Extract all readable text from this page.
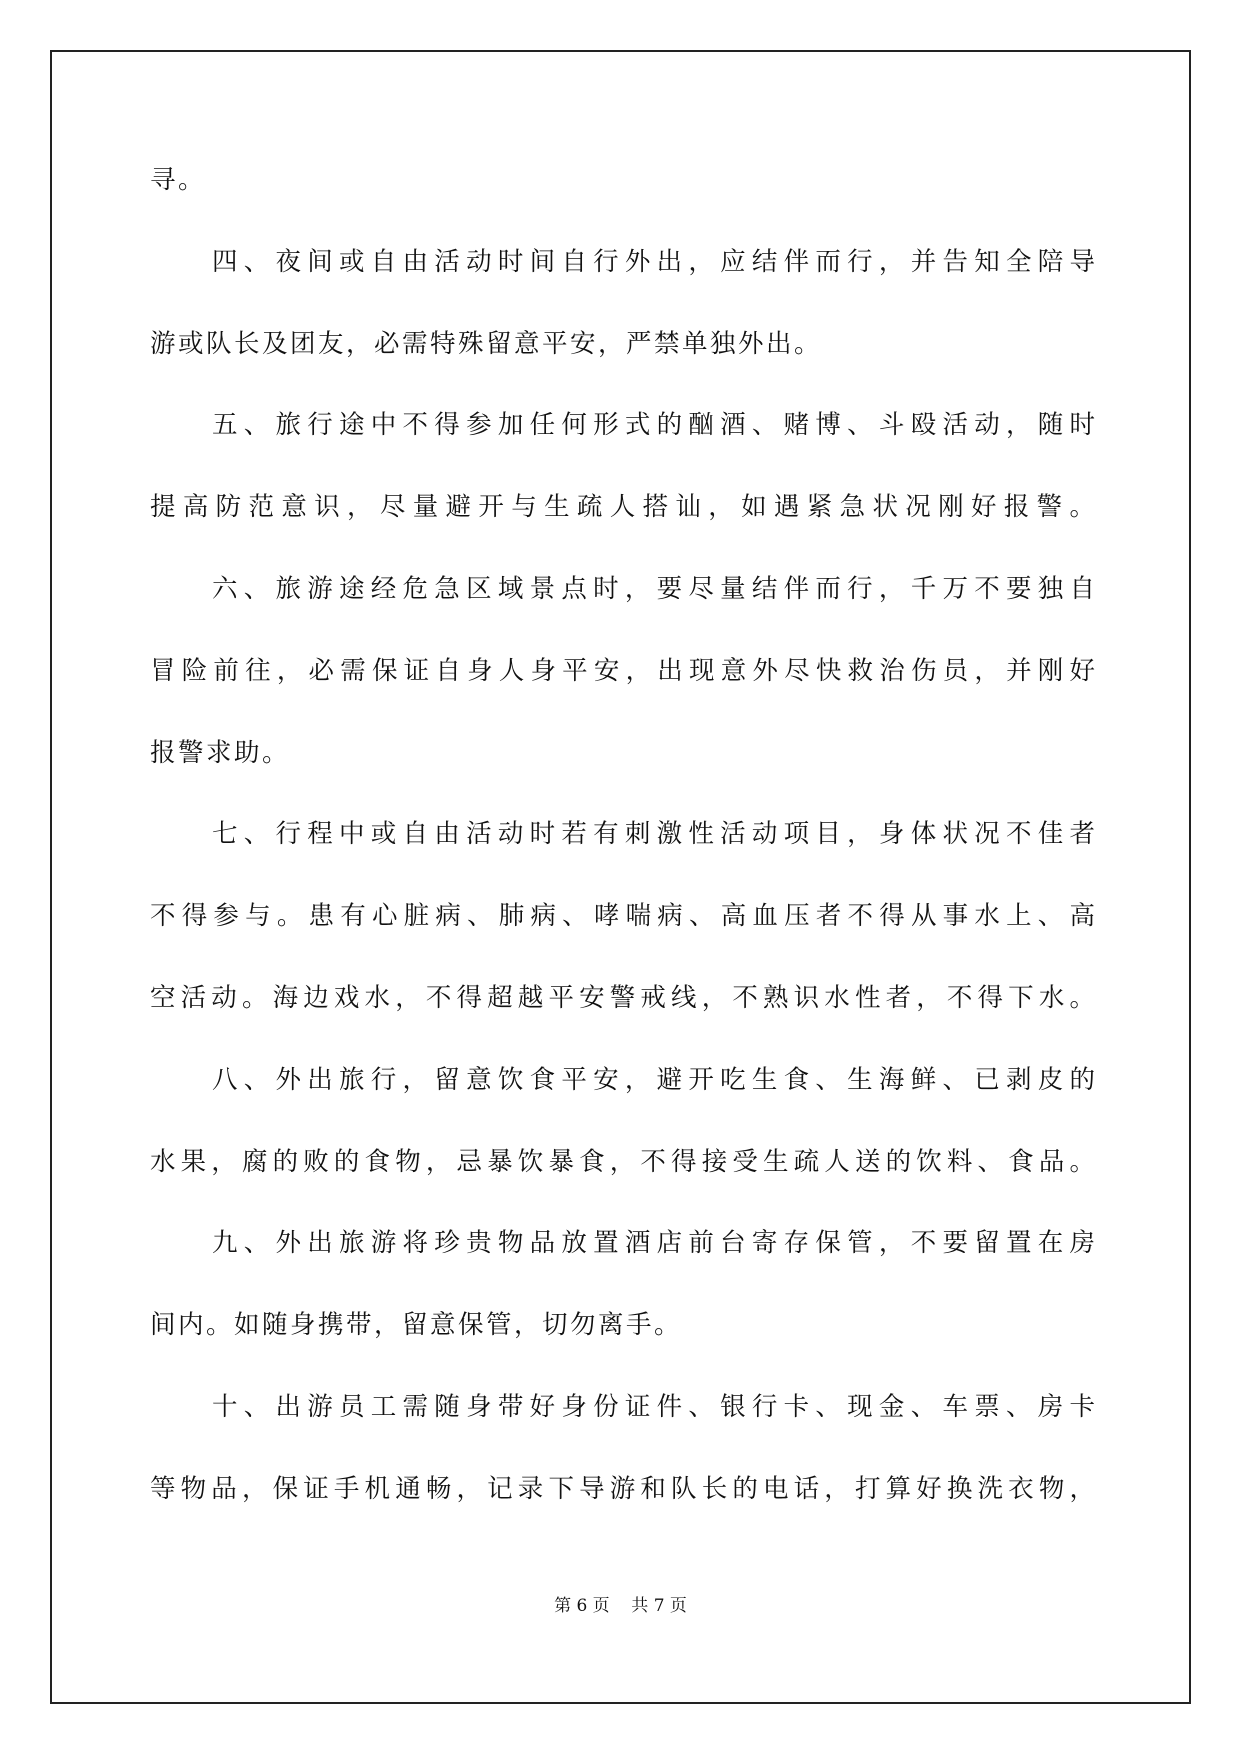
寻。
四、夜间或自由活动时间自行外出，应结伴而行，并告知全陪导
游或队长及团友，必需特殊留意平安，严禁单独外出。
五、旅行途中不得参加任何形式的酗酒、赌博、斗殴活动，随时
提高防范意识，尽量避开与生疏人搭讪，如遇紧急状况刚好报警。
六、旅游途经危急区域景点时，要尽量结伴而行，千万不要独自
冒险前往，必需保证自身人身平安，出现意外尽快救治伤员，并刚好
报警求助。
七、行程中或自由活动时若有刺激性活动项目，身体状况不佳者
不得参与。患有心脏病、肺病、哮喘病、高血压者不得从事水上、高
空活动。海边戏水，不得超越平安警戒线，不熟识水性者，不得下水。
八、外出旅行，留意饮食平安，避开吃生食、生海鲜、已剥皮的
水果，腐的败的食物，忌暴饮暴食，不得接受生疏人送的饮料、食品。
九、外出旅游将珍贵物品放置酒店前台寄存保管，不要留置在房
间内。如随身携带，留意保管，切勿离手。
十、出游员工需随身带好身份证件、银行卡、现金、车票、房卡
等物品，保证手机通畅，记录下导游和队长的电话，打算好换洗衣物，
第 6 页    共 7 页
